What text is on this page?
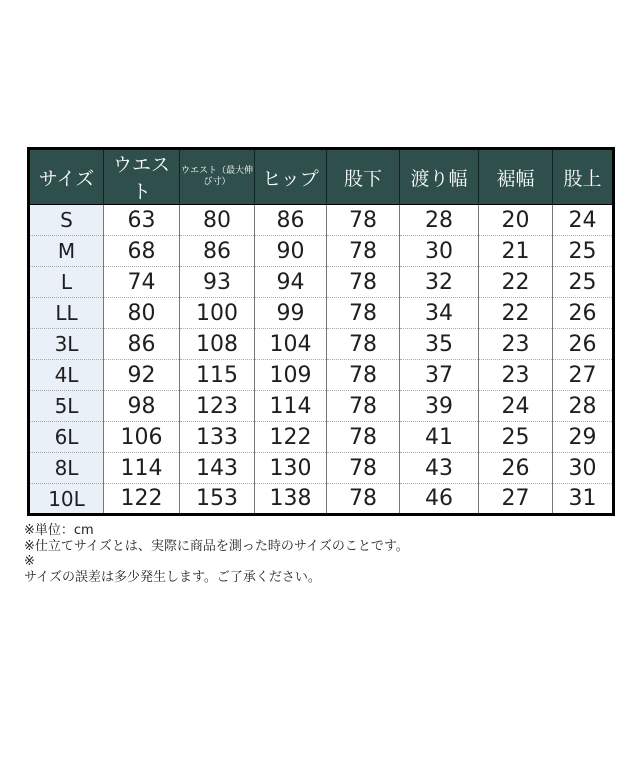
サイズ	ウエスト	ウエスト（最大伸び寸）	ヒップ	股下	渡り幅	裾幅	股上
S	63	80	86	78	28	20	24
M	68	86	90	78	30	21	25
L	74	93	94	78	32	22	25
LL	80	100	99	78	34	22	26
3L	86	108	104	78	35	23	26
4L	92	115	109	78	37	23	27
5L	98	123	114	78	39	24	28
6L	106	133	122	78	41	25	29
8L	114	143	130	78	43	26	30
10L	122	153	138	78	46	27	31
※単位：cm
※仕立てサイズとは、実際に商品を測った時のサイズのことです。
※
サイズの誤差は多少発生します。ご了承ください。
